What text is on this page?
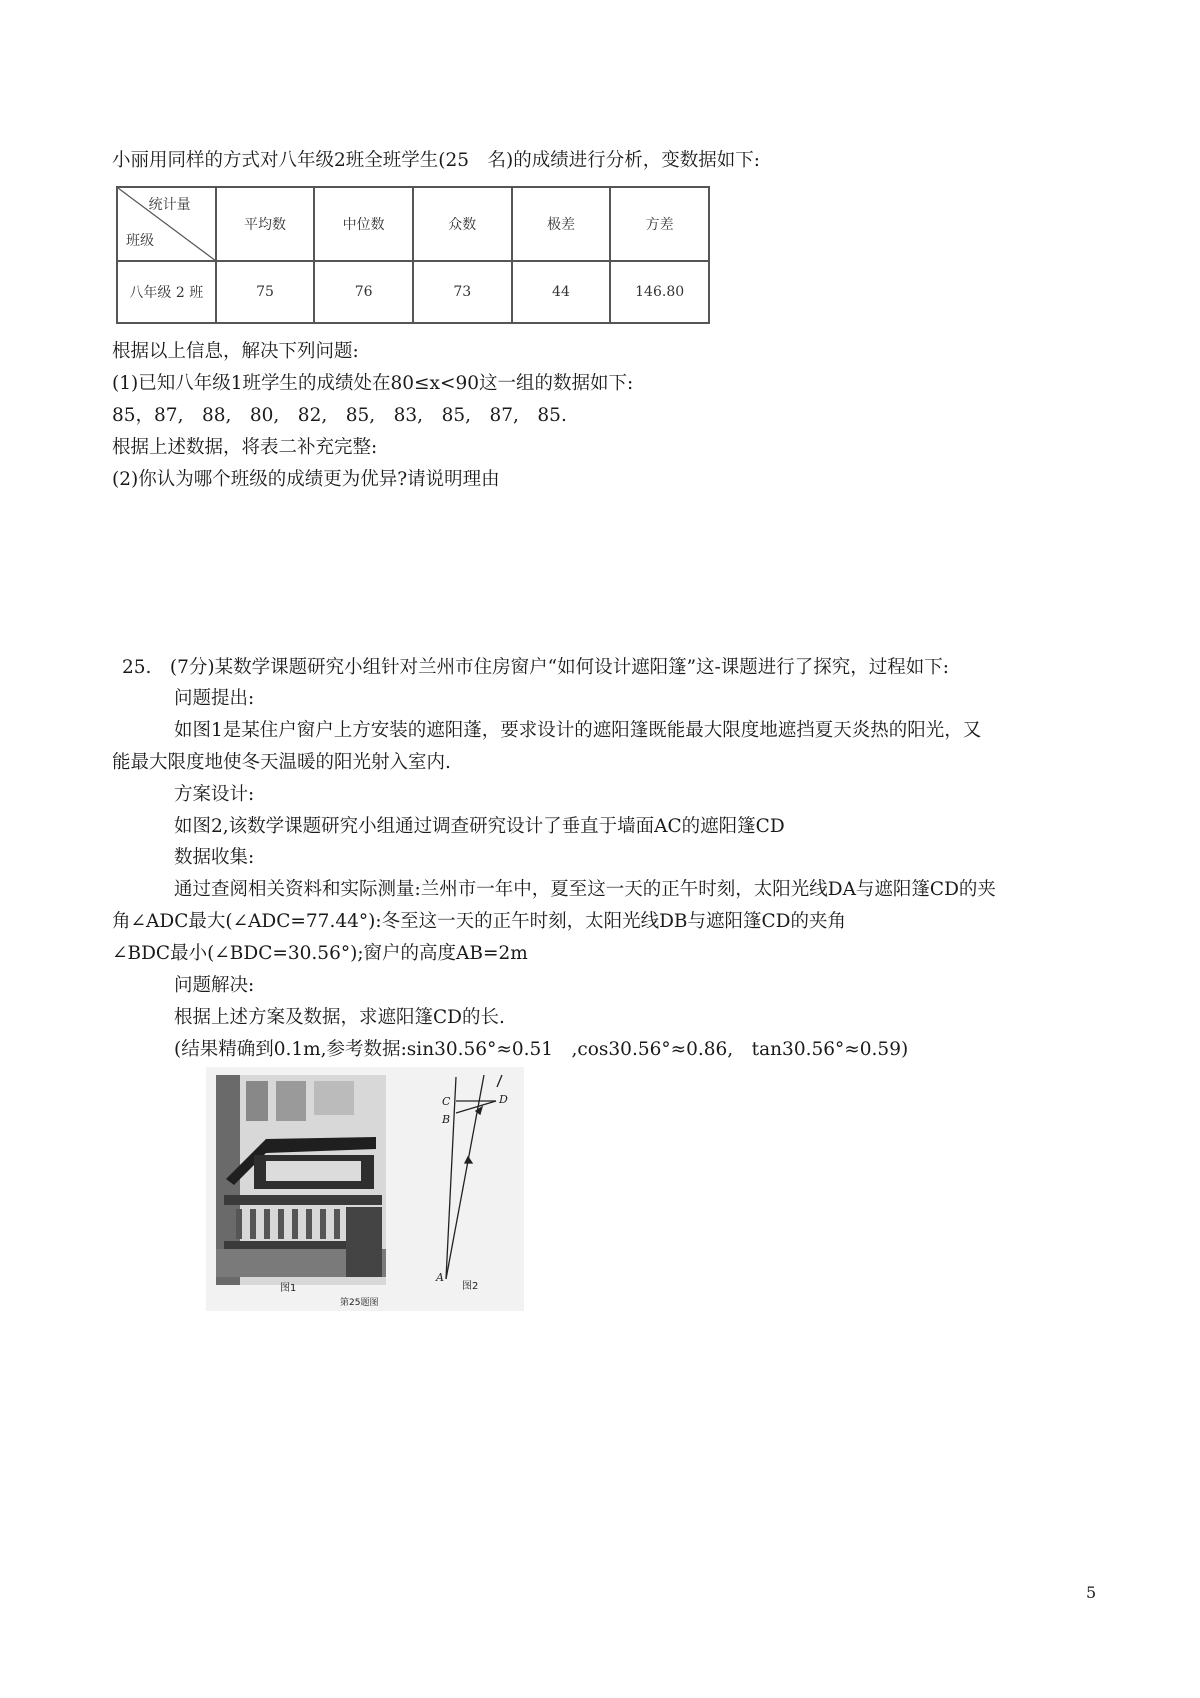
小丽用同样的方式对八年级2班全班学生(25　名)的成绩进行分析，变数据如下:
统计量
班级	平均数	中位数	众数	极差	方差
八年级 2 班	75	76	73	44	146.80
根据以上信息，解决下列问题:
(1)已知八年级1班学生的成绩处在80≤x<90这一组的数据如下:
85，87,　88,　80,　82,　85,　83,　85,　87,　85.
根据上述数据，将表二补充完整:
(2)你认为哪个班级的成绩更为优异?请说明理由
25.　(7分)某数学课题研究小组针对兰州市住房窗户“如何设计遮阳篷”这-课题进行了探究，过程如下:
问题提出:
如图1是某住户窗户上方安装的遮阳蓬，要求设计的遮阳篷既能最大限度地遮挡夏天炎热的阳光，又
能最大限度地使冬天温暖的阳光射入室内.
方案设计:
如图2,该数学课题研究小组通过调查研究设计了垂直于墙面AC的遮阳篷CD
数据收集:
通过查阅相关资料和实际测量:兰州市一年中，夏至这一天的正午时刻，太阳光线DA与遮阳篷CD的夹
角∠ADC最大(∠ADC=77.44°):冬至这一天的正午时刻，太阳光线DB与遮阳篷CD的夹角
∠BDC最小(∠BDC=30.56°);窗户的高度AB=2m
问题解决:
根据上述方案及数据，求遮阳篷CD的长.
(结果精确到0.1m,参考数据:sin30.56°≈0.51　,cos30.56°≈0.86,　tan30.56°≈0.59)
C	D
B
A
图1	图2
第25题图
5
